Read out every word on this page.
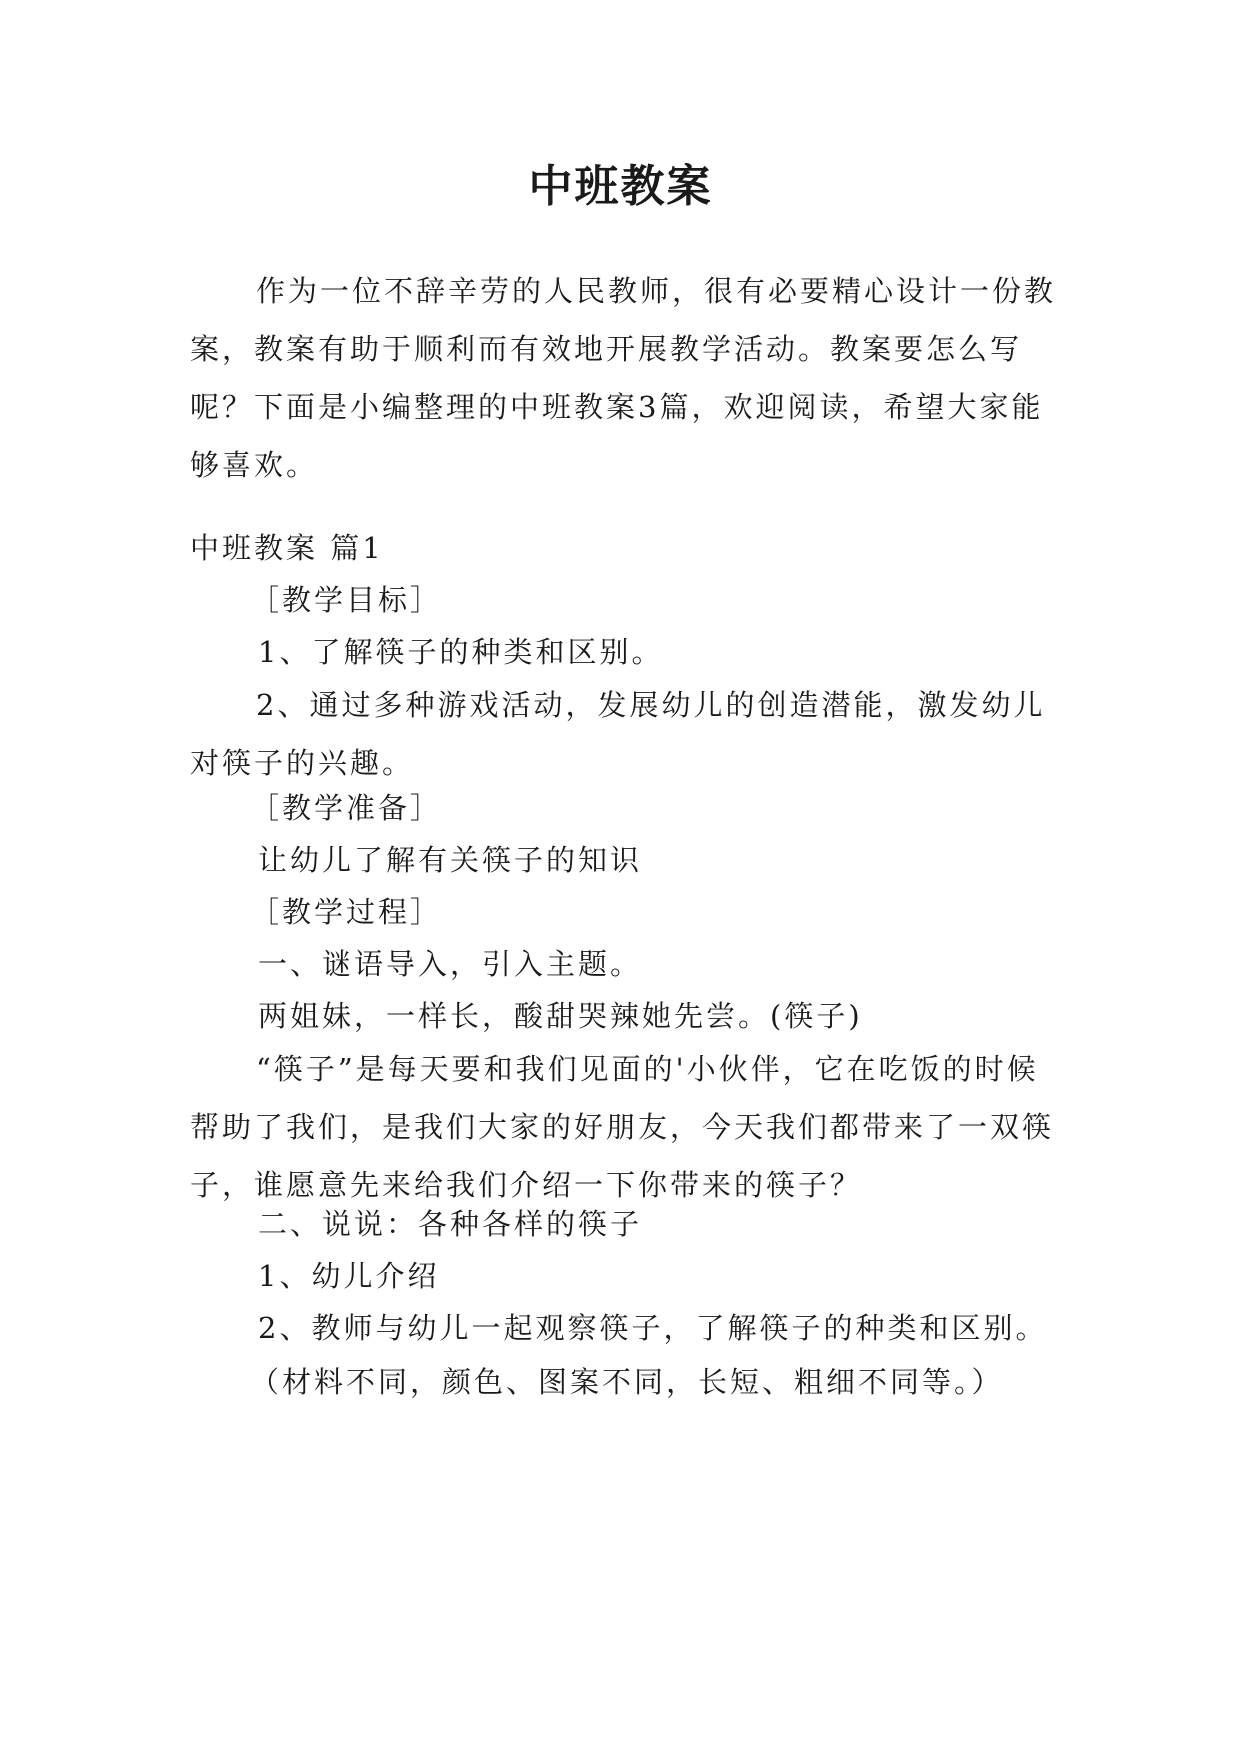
中班教案

作为一位不辞辛劳的人民教师，很有必要精心设计一份教案，教案有助于顺利而有效地开展教学活动。教案要怎么写呢？下面是小编整理的中班教案3篇，欢迎阅读，希望大家能够喜欢。

中班教案 篇1

［教学目标］

1、了解筷子的种类和区别。

2、通过多种游戏活动，发展幼儿的创造潜能，激发幼儿对筷子的兴趣。

［教学准备］

让幼儿了解有关筷子的知识

［教学过程］

一、谜语导入，引入主题。

两姐妹，一样长，酸甜哭辣她先尝。(筷子)

“筷子”是每天要和我们见面的'小伙伴，它在吃饭的时候帮助了我们，是我们大家的好朋友，今天我们都带来了一双筷子，谁愿意先来给我们介绍一下你带来的筷子？

二、说说：各种各样的筷子

1、幼儿介绍

2、教师与幼儿一起观察筷子，了解筷子的种类和区别。

（材料不同，颜色、图案不同，长短、粗细不同等。）
